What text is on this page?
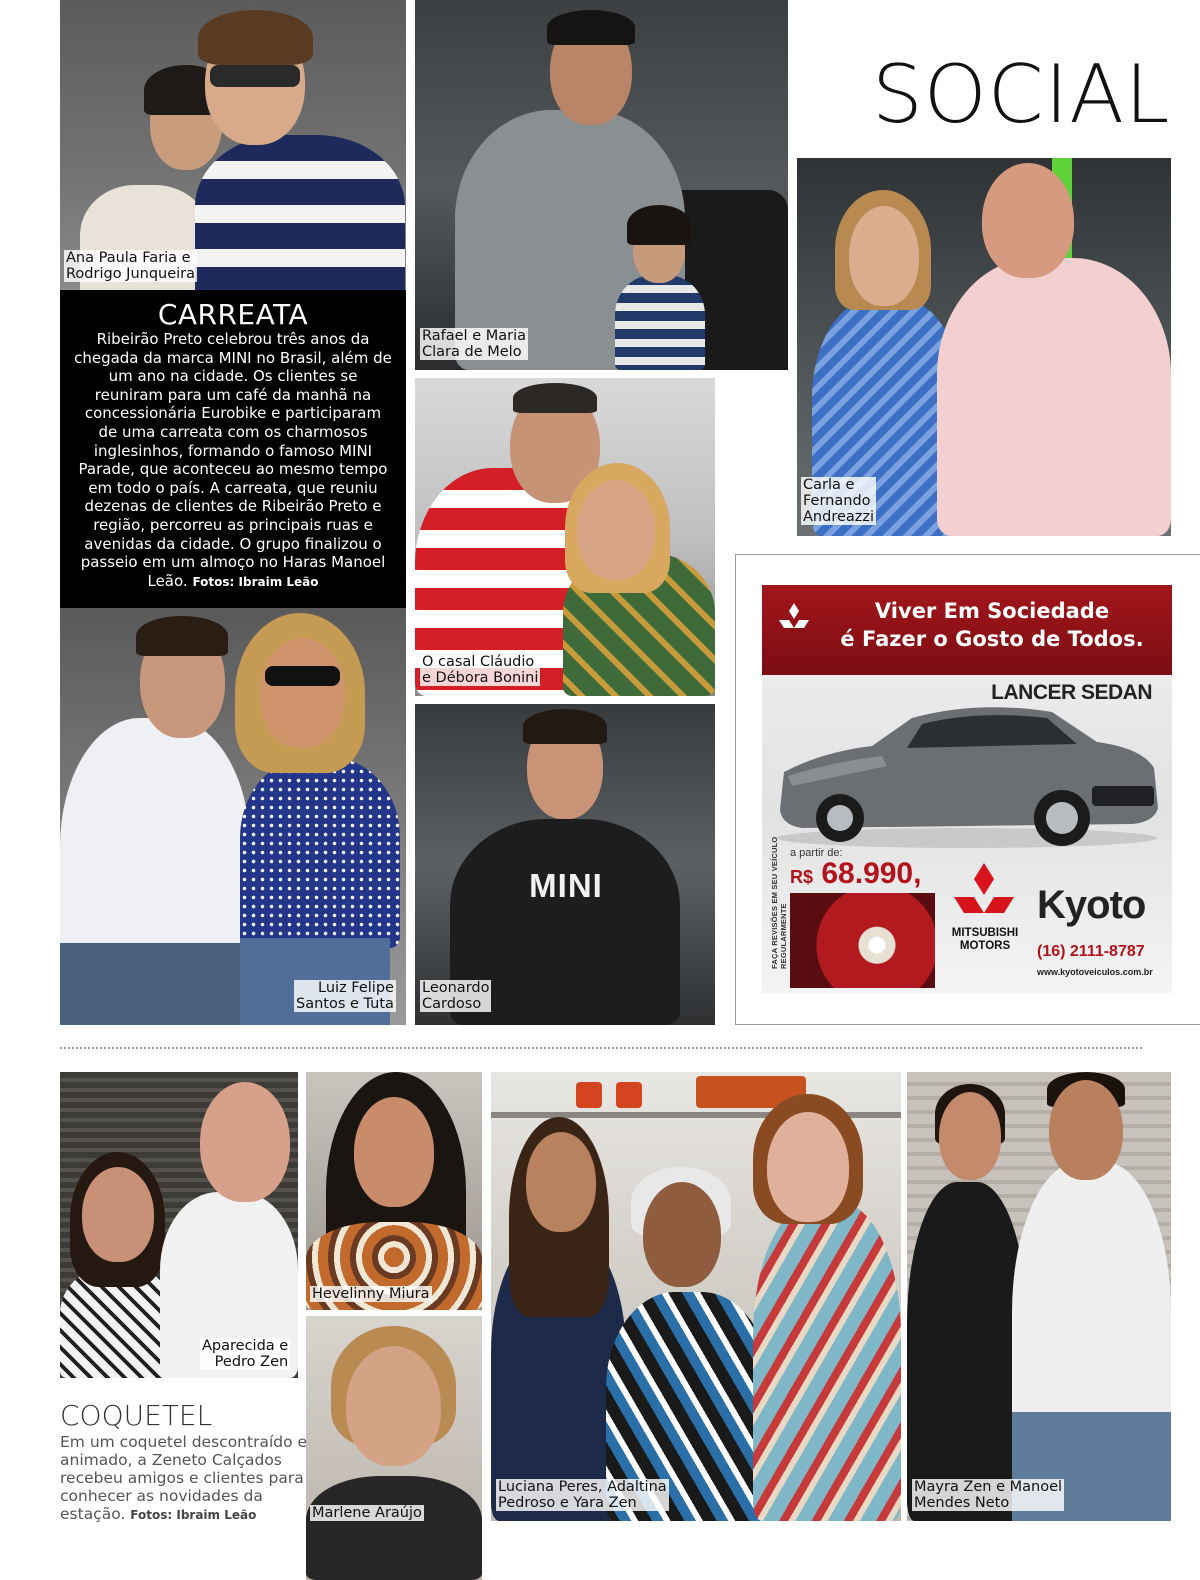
SOCIAL
Ana Paula Faria e
Rodrigo Junqueira
CARREATA

Ribeirão Preto celebrou três anos da chegada da marca MINI no Brasil, além de um ano na cidade. Os clientes se reuniram para um café da manhã na concessionária Eurobike e participaram de uma carreata com os charmosos inglesinhos, formando o famoso MINI Parade, que aconteceu ao mesmo tempo em todo o país. A carreata, que reuniu dezenas de clientes de Ribeirão Preto e região, percorreu as principais ruas e avenidas da cidade. O grupo finalizou o passeio em um almoço no Haras Manoel Leão. Fotos: Ibraim Leão

Rafael e Maria
Clara de Melo
Carla e
Fernando
Andreazzi
O casal Cláudio
e Débora Bonini
Luiz Felipe
Santos e Tuta
MINI
Leonardo
Cardoso
Viver Em Sociedade
é Fazer o Gosto de Todos.
LANCER SEDAN
FAÇA REVISÕES EM SEU VEÍCULO REGULARMENTE
a partir de:
R$ 68.990,
MITSUBISHI
MOTORS
Kyoto
(16) 2111-8787
www.kyotoveiculos.com.br
Aparecida e
Pedro Zen
Hevelinny Miura
Marlene Araújo
Luciana Peres, Adaltina
Pedroso e Yara Zen
Mayra Zen e Manoel
Mendes Neto
COQUETEL
Em um coquetel descontraído e animado, a Zeneto Calçados recebeu amigos e clientes para conhecer as novidades da estação. Fotos: Ibraim Leão
